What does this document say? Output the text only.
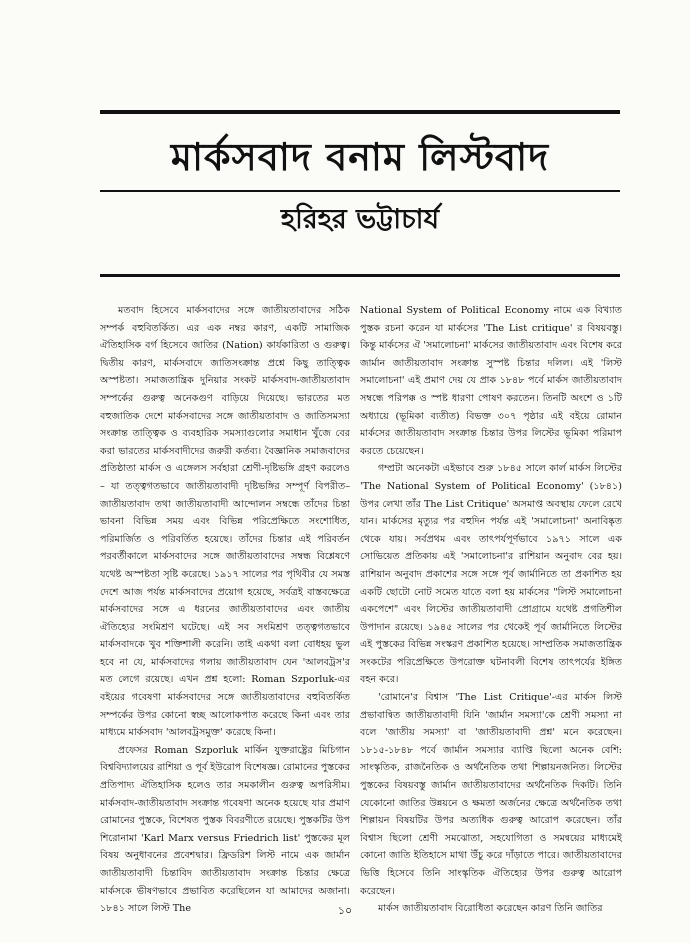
মার্কসবাদ বনাম লিস্টবাদ
হরিহর ভট্টাচার্য

মতবাদ হিসেবে মার্কসবাদের সঙ্গে জাতীয়তাবাদের সঠিক সম্পর্ক বহুবিতর্কিত। এর এক নম্বর কারণ, একটি সামাজিক ঐতিহাসিক বর্গ হিসেবে জাতির (Nation) কার্যকারিতা ও গুরুত্ব। দ্বিতীয় কারণ, মার্কসবাদে জাতিসংক্রান্ত প্রশ্নে কিছু তাত্ত্বিক অস্পষ্টতা। সমাজতান্ত্রিক দুনিয়ার সংকট মার্কসবাদ-জাতীয়তাবাদ সম্পর্কের গুরুত্ব অনেকগুণ বাড়িয়ে দিয়েছে। ভারতের মত বহুজাতিক দেশে মার্কসবাদের সঙ্গে জাতীয়তাবাদ ও জাতিসমস্যা সংক্রান্ত তাত্ত্বিক ও ব্যবহারিক সমস্যাগুলোর সমাধান খুঁজে বের করা ভারতের মার্কসবাদীদের জরুরী কর্তব্য। বৈজ্ঞানিক সমাজবাদের প্রতিষ্ঠাতা মার্কস ও এঙ্গেলস সর্বহারা শ্রেণী-দৃষ্টিভঙ্গি গ্রহণ করলেও – যা তত্ত্বগতভাবে জাতীয়তাবাদী দৃষ্টিভঙ্গির সম্পূর্ণ বিপরীত– জাতীয়তাবাদ তথা জাতীয়তাবাদী আন্দোলন সম্বন্ধে তাঁদের চিন্তা ভাবনা বিভিন্ন সময় এবং বিভিন্ন পরিপ্রেক্ষিতে সংশোধিত, পরিমার্জিত ও পরিবর্তিত হয়েছে। তাঁদের চিন্তার এই পরিবর্তন পরবর্তীকালে মার্কসবাদের সঙ্গে জাতীয়তাবাদের সম্বন্ধ বিশ্লেষণে যথেষ্ট অস্পষ্টতা সৃষ্টি করেছে। ১৯১৭ সালের পর পৃথিবীর যে সমস্ত দেশে আজ পর্যন্ত মার্কসবাদের প্রয়োগ হয়েছে, সর্বত্রই বাস্তবক্ষেত্রে মার্কসবাদের সঙ্গে এ ধরনের জাতীয়তাবাদের এবং জাতীয় ঐতিহ্যের সংমিশ্রণ ঘটেছে। এই সব সংমিশ্রণ তত্ত্বগতভাবে মার্কসবাদকে খুব শক্তিশালী করেনি। তাই একথা বলা বোধহয় ভুল হবে না যে, মার্কসবাদের গলায় জাতীয়তাবাদ যেন 'আলবট্রস'র মত লেগে রয়েছে। এখন প্রশ্ন হলো: Roman Szporluk-এর বইয়ের গবেষণা মার্কসবাদের সঙ্গে জাতীয়তাবাদের বহুবিতর্কিত সম্পর্কের উপর কোনো স্বচ্ছ আলোকপাত করেছে কিনা এবং তার মাধ্যমে মার্কসবাদ 'আলবট্রসমুক্ত' করেছে কিনা।

প্রফেসর Roman Szporluk মার্কিন যুক্তরাষ্ট্রের মিচিগান বিশ্ববিদ্যালয়ের রাশিয়া ও পূর্ব ইউরোপ বিশেষজ্ঞ। রোমানের পুস্তকের প্রতিপাদ্য ঐতিহাসিক হলেও তার সমকালীন গুরুত্ব অপরিসীম। মার্কসবাদ-জাতীয়তাবাদ সংক্রান্ত গবেষণা অনেক হয়েছে যার প্রমাণ রোমানের পুস্তকে, বিশেষত পুস্তক বিবরণীতে রয়েছে। পুস্তকটির উপ শিরোনামা 'Karl Marx versus Friedrich list' পুস্তকের মূল বিষয় অনুধাবনের প্রবেশদ্বার। ফ্রিডরিশ লিস্ট নামে এক জার্মান জাতীয়তাবাদী চিন্তাবিদ জাতীয়তাবাদ সংক্রান্ত চিন্তার ক্ষেত্রে মার্কসকে ভীষণভাবে প্রভাবিত করেছিলেন যা আমাদের অজানা। ১৮৪১ সালে লিস্ট The

National System of Political Economy নামে এক বিখ্যাত পুস্তক রচনা করেন যা মার্কসের 'The List critique' র বিষয়বস্তু। কিন্তু মার্কসের ঐ 'সমালোচনা' মার্কসের জাতীয়তাবাদ এবং বিশেষ করে জার্মান জাতীয়তাবাদ সংক্রান্ত সুস্পষ্ট চিন্তার দলিল। এই 'লিস্ট সমালোচনা' এই প্রমাণ দেয় যে প্রাক ১৮৪৮ পর্বে মার্কস জাতীয়তাবাদ সম্বন্ধে পরিপক্ক ও স্পষ্ট ধারণা পোষণ করতেন। তিনটি অংশে ও ১টি অধ্যায়ে (ভূমিকা ব্যতীত) বিভক্ত ৩০৭ পৃষ্ঠার এই বইয়ে রোমান মার্কসের জাতীয়তাবাদ সংক্রান্ত চিন্তার উপর লিস্টের ভূমিকা পরিমাপ করতে চেয়েছেন।

গম্প্রটা অনেকটা এইভাবে শুরু ১৮৪৫ সালে কার্ল মার্কস লিস্টের 'The National System of Political Economy' (১৮৪১) উপর লেখা তাঁর The List Critique' অসমাপ্ত অবস্থায় ফেলে রেখে যান। মার্কসের মৃত্যুর পর বহুদিন পর্যন্ত এই 'সমালোচনা' অনাবিষ্কৃত থেকে যায়। সর্বপ্রথম এবং তাৎপর্যপূর্ণভাবে ১৯৭১ সালে এক সোভিয়েত প্রতিকায় এই 'সমালোচনা'র রাশিয়ান অনুবাদ বের হয়। রাশিয়ান অনুবাদ প্রকাশের সঙ্গে সঙ্গে পূর্ব জার্মানিতে তা প্রকাশিত হয় একটি ছোটো নোট সমেত যাতে বলা হয় মার্কসের "লিস্ট সমালোচনা একপেশে" এবং লিস্টের জাতীয়তাবাদী প্রোগ্রামে যথেষ্ট প্রগতিশীল উপাদান রয়েছে। ১৯৪৫ সালের পর থেকেই পূর্ব জার্মানিতে লিস্টের এই পুস্তকের বিভিন্ন সংস্করণ প্রকাশিত হয়েছে। সাম্প্রতিক সমাজতান্ত্রিক সংকটের পরিপ্রেক্ষিতে উপরোক্ত ঘটনাবলী বিশেষ তাৎপর্যের ইঙ্গিত বহন করে।

'রোমানে'র বিশ্বাস 'The List Critique'-এর মার্কস লিস্ট প্রভাবান্বিত জাতীয়তাবাদী যিনি 'জার্মান সমস্যা'কে শ্রেণী সমস্যা না বলে 'জাতীয় সমস্যা' বা 'জাতীয়তাবাদী প্রশ্ন' মনে করেছেন। ১৮১৫-১৮৪৮ পর্বে জার্মান সমস্যার ব্যাপ্তি ছিলো অনেক বেশি: সাংস্কৃতিক, রাজনৈতিক ও অর্থনৈতিক তথা শিল্পায়নজনিত। লিস্টের পুস্তকের বিষয়বস্তু জার্মান জাতীয়তাবাদের অর্থনৈতিক দিকটি। তিনি যেকোনো জাতির উন্নয়নে ও ক্ষমতা অর্জনের ক্ষেত্রে অর্থনৈতিক তথা শিল্পায়ন বিষয়টির উপর অত্যধিক গুরুত্ব আরোপ করেছেন। তাঁর বিশ্বাস ছিলো শ্রেণী সমঝোতা, সহযোগিতা ও সমন্বয়ের মাধ্যমেই কোনো জাতি ইতিহাসে মাথা উঁচু করে দাঁড়াতে পারে। জাতীয়তাবাদের ভিত্তি হিসেবে তিনি সাংস্কৃতিক ঐতিহ্যের উপর গুরুত্ব আরোপ করেছেন।

মার্কস জাতীয়তাবাদ বিরোধিতা করেছেন কারণ তিনি জাতির

১০
